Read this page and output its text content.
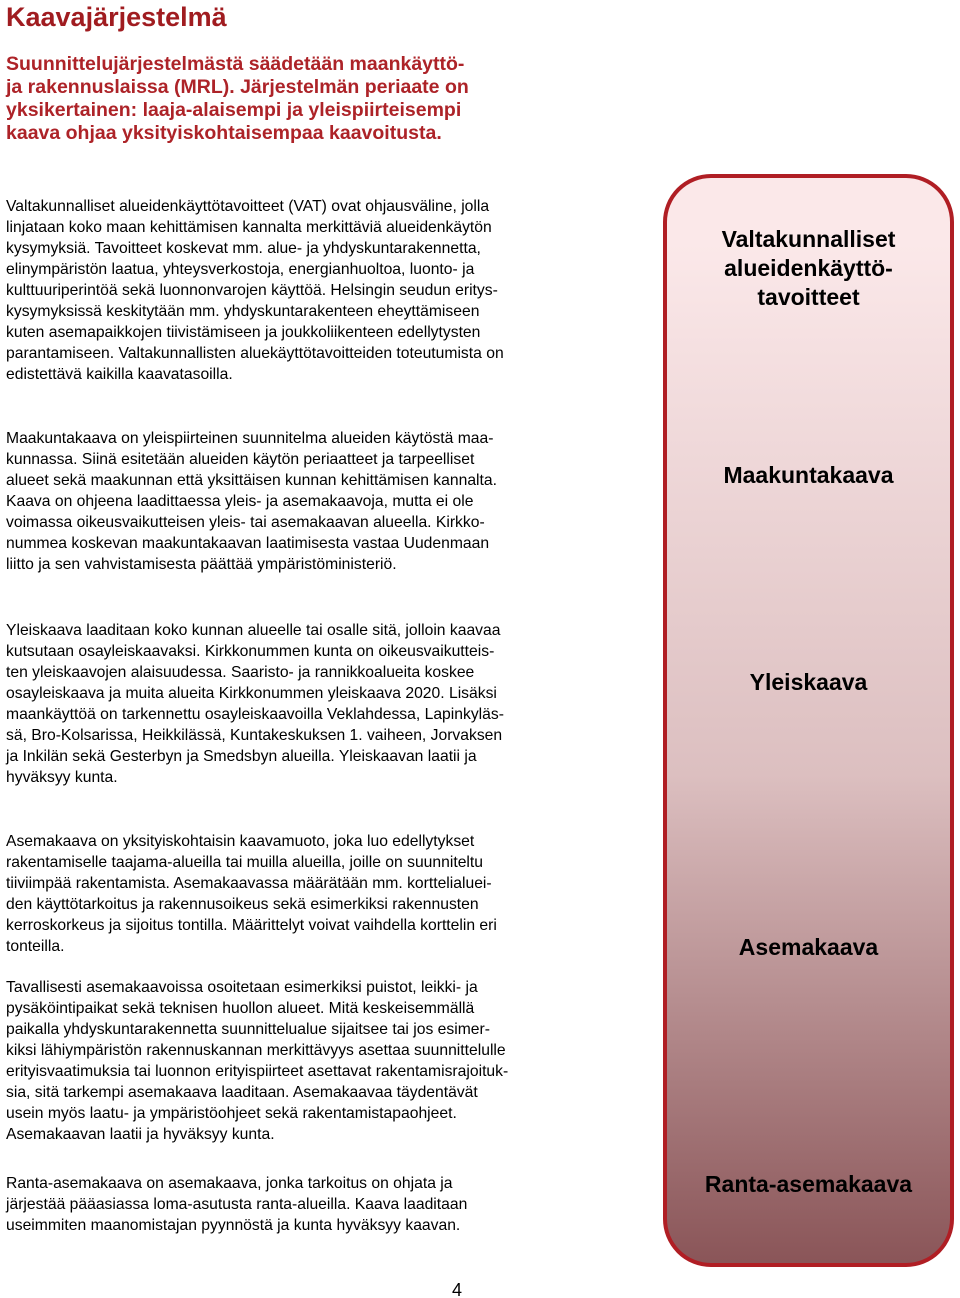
Kaavajärjestelmä
Suunnittelujärjestelmästä säädetään maankäyttö-
ja rakennuslaissa (MRL). Järjestelmän periaate on
yksikertainen: laaja-alaisempi ja yleispiirteisempi
kaava ohjaa yksityiskohtaisempaa kaavoitusta.
Valtakunnalliset alueidenkäyttötavoitteet (VAT) ovat ohjausväline, jolla
linjataan koko maan kehittämisen kannalta merkittäviä alueidenkäytön
kysymyksiä. Tavoitteet koskevat mm. alue- ja yhdyskuntarakennetta,
elinympäristön laatua, yhteysverkostoja, energianhuoltoa, luonto- ja
kulttuuriperintöä sekä luonnonvarojen käyttöä. Helsingin seudun eritys-
kysymyksissä keskitytään mm. yhdyskuntarakenteen eheyttämiseen
kuten asemapaikkojen tiivistämiseen ja joukkoliikenteen edellytysten
parantamiseen. Valtakunnallisten aluekäyttötavoitteiden toteutumista on
edistettävä kaikilla kaavatasoilla.
Maakuntakaava on yleispiirteinen suunnitelma alueiden käytöstä maa-
kunnassa. Siinä esitetään alueiden käytön periaatteet ja tarpeelliset
alueet sekä maakunnan että yksittäisen kunnan kehittämisen kannalta.
Kaava on ohjeena laadittaessa yleis- ja asemakaavoja, mutta ei ole
voimassa oikeusvaikutteisen yleis- tai asemakaavan alueella. Kirkko-
nummea koskevan maakuntakaavan laatimisesta vastaa Uudenmaan
liitto ja sen vahvistamisesta päättää ympäristöministeriö.
Yleiskaava laaditaan koko kunnan alueelle tai osalle sitä, jolloin kaavaa
kutsutaan osayleiskaavaksi. Kirkkonummen kunta on oikeusvaikutteis-
ten yleiskaavojen alaisuudessa. Saaristo- ja rannikkoalueita koskee
osayleiskaava ja muita alueita Kirkkonummen yleiskaava 2020. Lisäksi
maankäyttöä on tarkennettu osayleiskaavoilla Veklahdessa, Lapinkyläs-
sä, Bro-Kolsarissa, Heikkilässä, Kuntakeskuksen 1. vaiheen, Jorvaksen
ja Inkilän sekä Gesterbyn ja Smedsbyn alueilla. Yleiskaavan laatii ja
hyväksyy kunta.
Asemakaava on yksityiskohtaisin kaavamuoto, joka luo edellytykset
rakentamiselle taajama-alueilla tai muilla alueilla, joille on suunniteltu
tiiviimpää rakentamista. Asemakaavassa määrätään mm. korttelialuei-
den käyttötarkoitus ja rakennusoikeus sekä esimerkiksi rakennusten
kerroskorkeus ja sijoitus tontilla. Määrittelyt voivat vaihdella korttelin eri
tonteilla.
Tavallisesti asemakaavoissa osoitetaan esimerkiksi puistot, leikki- ja
pysäköintipaikat sekä teknisen huollon alueet. Mitä keskeisemmällä
paikalla yhdyskuntarakennetta suunnittelualue sijaitsee tai jos esimer-
kiksi lähiympäristön rakennuskannan merkittävyys asettaa suunnittelulle
erityisvaatimuksia tai luonnon erityispiirteet asettavat rakentamisrajoituk-
sia, sitä tarkempi asemakaava laaditaan. Asemakaavaa täydentävät
usein myös laatu- ja ympäristöohjeet sekä rakentamistapaohjeet.
Asemakaavan laatii ja hyväksyy kunta.
Ranta-asemakaava on asemakaava, jonka tarkoitus on ohjata ja
järjestää pääasiassa loma-asutusta ranta-alueilla. Kaava laaditaan
useimmiten maanomistajan pyynnöstä ja kunta hyväksyy kaavan.
Valtakunnalliset
alueidenkäyttö-
tavoitteet
Maakuntakaava
Yleiskaava
Asemakaava
Ranta-asemakaava
4
